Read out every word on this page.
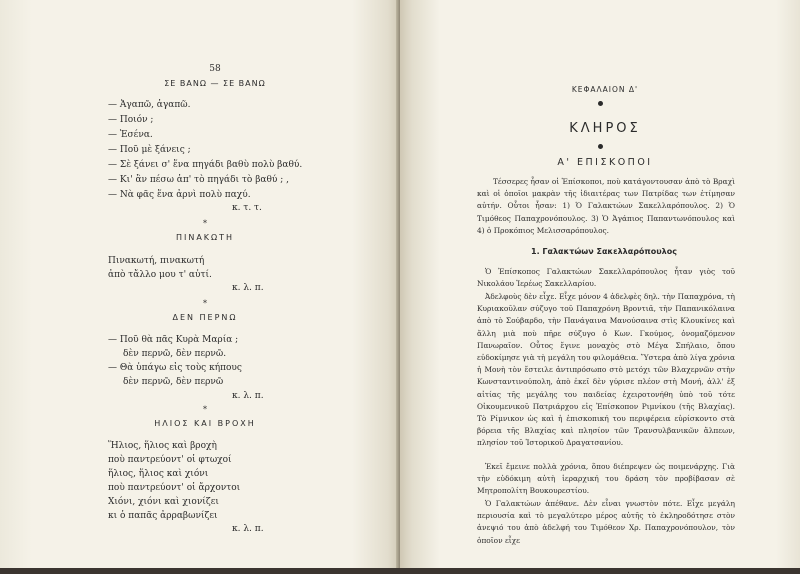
58
ΣΕ ΒΑΝΩ — ΣΕ ΒΑΝΩ
— Ἀγαπῶ, ἀγαπῶ.
— Ποιόν ;
— Ἐσένα.
— Ποῦ μὲ ξάνεις ;
— Σὲ ξάνει σ' ἕνα πηγάδι βαθὺ πολὺ βαθύ.
— Κι' ἂν πέσω ἀπ' τὸ πηγάδι τὸ βαθύ ; ,
— Νὰ φᾶς ἕνα ἀρνὶ πολὺ παχύ.
κ. τ. τ.
*
ΠΙΝΑΚΩΤΗ
Πινακωτή, πινακωτή
ἀπὸ τἄλλο μου τ' αὐτί.
κ. λ. π.
*
ΔΕΝ ΠΕΡΝΩ
— Ποῦ θὰ πᾶς Κυρὰ Μαρία ;
δὲν περνῶ, δὲν περνῶ.
— Θὰ ὑπάγω εἰς τοὺς κήπους
δὲν περνῶ, δὲν περνῶ
κ. λ. π.
*
ΗΛΙΟΣ ΚΑΙ ΒΡΟΧΗ
Ἥλιος, ἥλιος καὶ βροχὴ
ποὺ παντρεύοντ' οἱ φτωχοί
ἥλιος, ἥλιος καὶ χιόνι
ποὺ παντρεύοντ' οἱ ἄρχοντοι
Χιόνι, χιόνι καὶ χιονίζει
κι ὁ παπᾶς ἀρραβωνίζει
κ. λ. π.
ΚΕΦΑΛΑΙΟΝ Δ'
ΚΛΗΡΟΣ
Α' ΕΠΙΣΚΟΠΟΙ
Τέσσερες ἦσαν οἱ Ἐπίσκοποι, ποὺ κατάγοντουσαν ἀπὸ τὸ Βραχὶ καὶ οἱ ὁποῖοι μακρὰν τῆς ἰδιαιτέρας των Πατρίδας των ἐτίμησαν αὐτήν. Οὗτοι ἦσαν: 1) Ὁ Γαλακτώων Σακελλαρόπουλος. 2) Ὁ Τιμόθεος Παπαχρονόπουλος. 3) Ὁ Ἀγάπιος Παπαντωνόπουλος καὶ 4) ὁ Προκόπιος Μελισσαρόπουλος.
1. Γαλακτώων Σακελλαρόπουλος
Ὁ Ἐπίσκοπος Γαλακτώων Σακελλαρόπουλος ἦταν γιὸς τοῦ Νικολάου Ἱερέως Σακελλαρίου.
Ἀδελφοὺς δὲν εἶχε. Εἶχε μόνον 4 ἀδελφὲς δηλ. τὴν Παπαχρόνα, τὴ Κυριακοῦλαν σύζυγο τοῦ Παπαχρόνη Βροντιᾶ, τὴν Παπανικόλαινα ἀπὸ τὸ Σούβαρδο, τὴν Πανάγαινα Μανούσαινα στὶς Κλουκίνες καὶ ἄλλη μιὰ ποὺ πῆρε σύζυγο ὁ Κων. Γκούμος, ὀνομαζόμενον Πανωραῖον. Οὗτος ἔγινε μοναχὸς στὸ Μέγα Σπήλαιο, ὅπου εὐδοκίμησε γιὰ τὴ μεγάλη του φιλομάθεια. Ὕστερα ἀπὸ λίγα χρόνια ἡ Μονὴ τὸν ἔστειλε ἀντιπρόσωπο στὸ μετόχι τῶν Βλαχερνῶν στὴν Κωνσταντινούπολη, ἀπὸ ἐκεῖ δὲν γύρισε πλέον στὴ Μονή, ἀλλ' ἐξ αἰτίας τῆς μεγάλης του παιδείας ἐχειροτονήθη ὑπὸ τοῦ τότε Οἰκουμενικοῦ Πατριάρχου εἰς Ἐπίσκοπον Ριμνίκου (τῆς Βλαχίας). Τὸ Ρίμνικον ὡς καὶ ἡ ἐπισκοπική του περιφέρεια εὑρίσκοντο στὰ βόρεια τῆς Βλαχίας καὶ πλησίον τῶν Τρανσυλβανικῶν ἄλπεων, πλησίον τοῦ Ἰστορικοῦ Δραγατσανίου.
Ἐκεῖ ἔμεινε πολλὰ χρόνια, ὅπου διέπρεψεν ὡς ποιμενάρχης. Γιὰ τὴν εὐδόκιμη αὐτὴ ἱεραρχική του δράση τὸν προβίβασαν σὲ Μητροπολίτη Βουκουρεστίου.
Ὁ Γαλακτώων ἀπέθανε. Δὲν εἶναι γνωστὸν πότε. Εἶχε μεγάλη περιουσία καὶ τὸ μεγαλύτερο μέρος αὐτῆς τὸ ἐκληροδότησε στὸν ἀνεψιό του ἀπὸ ἀδελφή του Τιμόθεον Χρ. Παπαχρονόπουλον, τὸν ὁποῖον εἶχε
